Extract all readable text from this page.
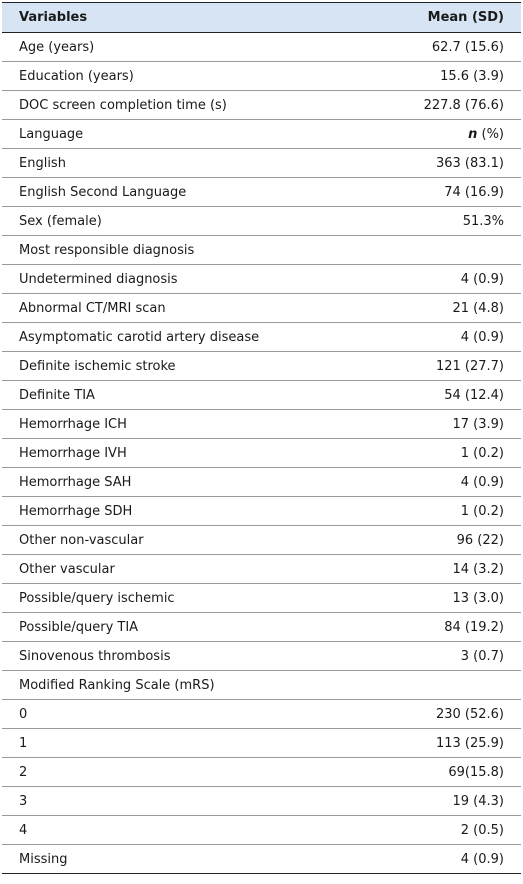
Variables	Mean (SD)
Age (years)	62.7 (15.6)
Education (years)	15.6 (3.9)
DOC screen completion time (s)	227.8 (76.6)
Language	n (%)
English	363 (83.1)
English Second Language	74 (16.9)
Sex (female)	51.3%
Most responsible diagnosis	
Undetermined diagnosis	4 (0.9)
Abnormal CT/MRI scan	21 (4.8)
Asymptomatic carotid artery disease	4 (0.9)
Definite ischemic stroke	121 (27.7)
Definite TIA	54 (12.4)
Hemorrhage ICH	17 (3.9)
Hemorrhage IVH	1 (0.2)
Hemorrhage SAH	4 (0.9)
Hemorrhage SDH	1 (0.2)
Other non-vascular	96 (22)
Other vascular	14 (3.2)
Possible/query ischemic	13 (3.0)
Possible/query TIA	84 (19.2)
Sinovenous thrombosis	3 (0.7)
Modified Ranking Scale (mRS)	
0	230 (52.6)
1	113 (25.9)
2	69(15.8)
3	19 (4.3)
4	2 (0.5)
Missing	4 (0.9)
